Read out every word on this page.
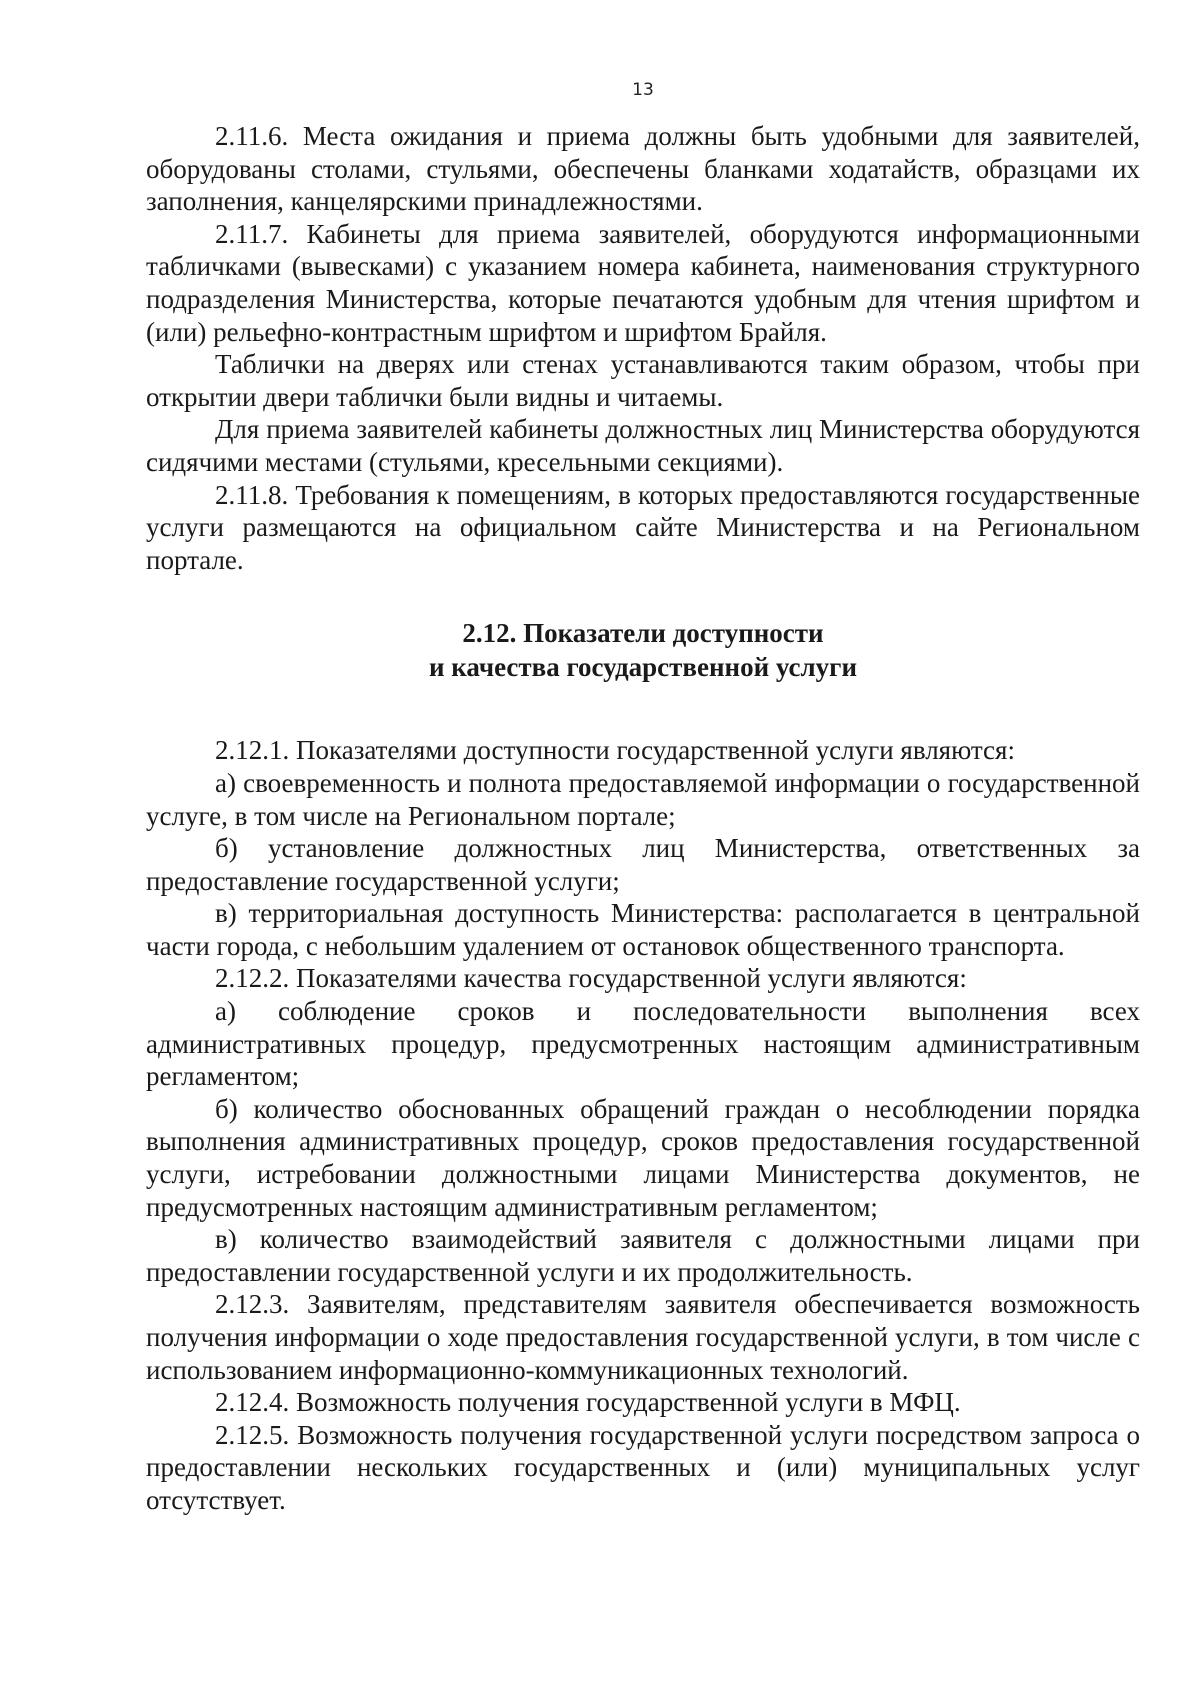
13

2.11.6. Места ожидания и приема должны быть удобными для заявителей, оборудованы столами, стульями, обеспечены бланками ходатайств, образцами их заполнения, канцелярскими принадлежностями.

2.11.7. Кабинеты для приема заявителей, оборудуются информационными табличками (вывесками) с указанием номера кабинета, наименования структурного подразделения Министерства, которые печатаются удобным для чтения шрифтом и (или) рельефно-контрастным шрифтом и шрифтом Брайля.

Таблички на дверях или стенах устанавливаются таким образом, чтобы при открытии двери таблички были видны и читаемы.

Для приема заявителей кабинеты должностных лиц Министерства оборудуются сидячими местами (стульями, кресельными секциями).

2.11.8. Требования к помещениям, в которых предоставляются государственные услуги размещаются на официальном сайте Министерства и на Региональном портале.

2.12. Показатели доступности
и качества государственной услуги

2.12.1. Показателями доступности государственной услуги являются:

а) своевременность и полнота предоставляемой информации о государственной услуге, в том числе на Региональном портале;

б) установление должностных лиц Министерства, ответственных за предоставление государственной услуги;

в) территориальная доступность Министерства: располагается в центральной части города, с небольшим удалением от остановок общественного транспорта.

2.12.2. Показателями качества государственной услуги являются:

а) соблюдение сроков и последовательности выполнения всех административных процедур, предусмотренных настоящим административным регламентом;

б) количество обоснованных обращений граждан о несоблюдении порядка выполнения административных процедур, сроков предоставления государственной услуги, истребовании должностными лицами Министерства документов, не предусмотренных настоящим административным регламентом;

в) количество взаимодействий заявителя с должностными лицами при предоставлении государственной услуги и их продолжительность.

2.12.3. Заявителям, представителям заявителя обеспечивается возможность получения информации о ходе предоставления государственной услуги, в том числе с использованием информационно-коммуникационных технологий.

2.12.4. Возможность получения государственной услуги в МФЦ.

2.12.5. Возможность получения государственной услуги посредством запроса о предоставлении нескольких государственных и (или) муниципальных услуг отсутствует.
